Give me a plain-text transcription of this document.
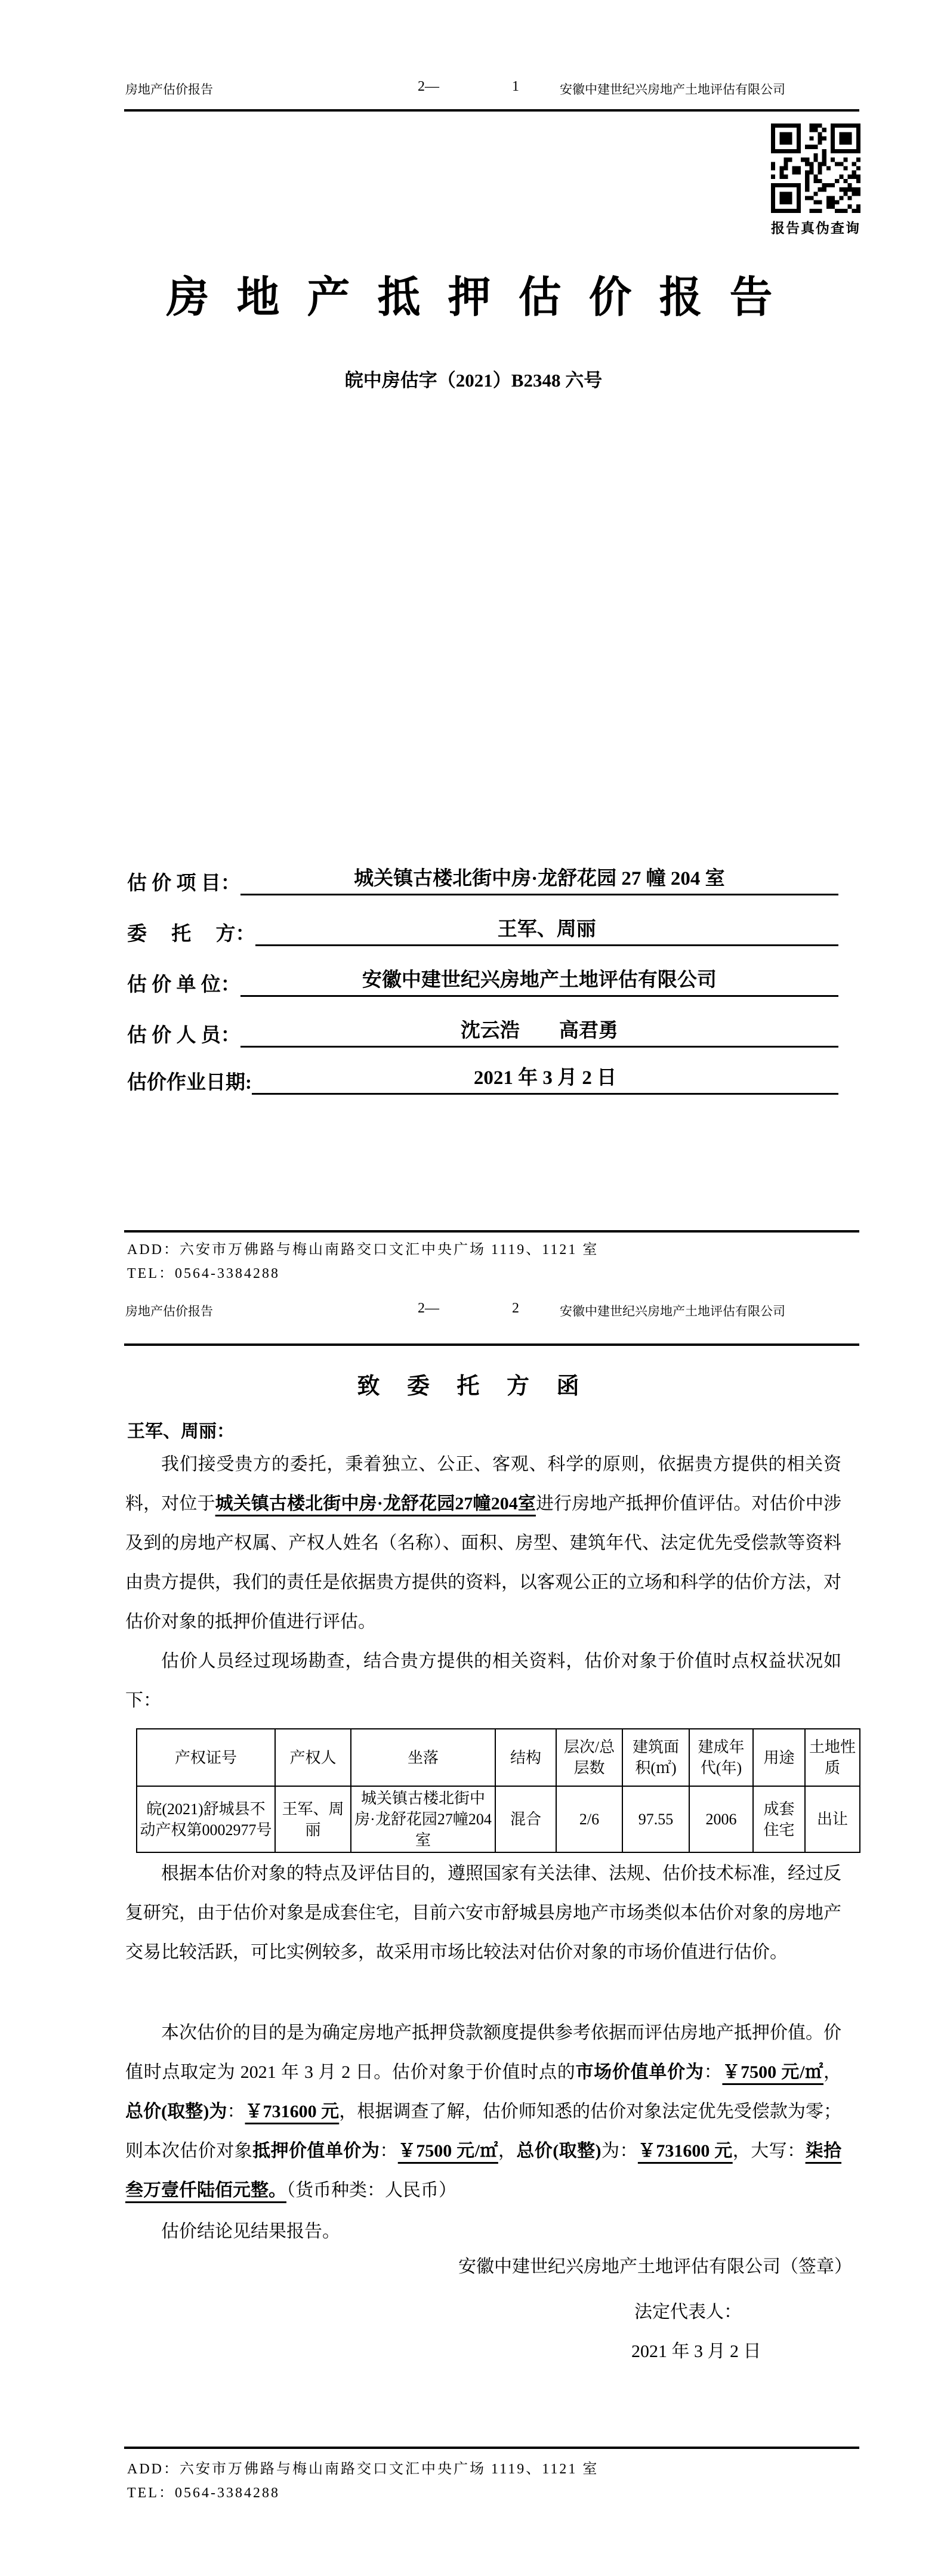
房地产估价报告	2—	1	安徽中建世纪兴房地产土地评估有限公司
报告真伪查询
房 地 产 抵 押 估 价 报 告
皖中房估字（2021）B2348 六号
估 价 项 目：	城关镇古楼北街中房·龙舒花园 27 幢 204 室
委　 托　 方：	王军、周丽
估 价 单 位：	安徽中建世纪兴房地产土地评估有限公司
估 价 人 员：	沈云浩　　高君勇
估价作业日期:	2021 年 3 月 2 日
ADD：六安市万佛路与梅山南路交口文汇中央广场 1119、1121 室
TEL：0564-3384288
房地产估价报告	2—	2	安徽中建世纪兴房地产土地评估有限公司
致 委 托 方 函
王军、周丽：

我们接受贵方的委托，秉着独立、公正、客观、科学的原则，依据贵方提供的相关资料，对位于城关镇古楼北街中房·龙舒花园27幢204室进行房地产抵押价值评估。对估价中涉及到的房地产权属、产权人姓名（名称）、面积、房型、建筑年代、法定优先受偿款等资料由贵方提供，我们的责任是依据贵方提供的资料，以客观公正的立场和科学的估价方法，对估价对象的抵押价值进行评估。

估价人员经过现场勘查，结合贵方提供的相关资料，估价对象于价值时点权益状况如下：

产权证号	产权人	坐落	结构	层次/总层数	建筑面积(㎡)	建成年代(年)	用途	土地性质
皖(2021)舒城县不动产权第0002977号	王军、周丽	城关镇古楼北街中房·龙舒花园27幢204室	混合	2/6	97.55	2006	成套住宅	出让

根据本估价对象的特点及评估目的，遵照国家有关法律、法规、估价技术标准，经过反复研究，由于估价对象是成套住宅，目前六安市舒城县房地产市场类似本估价对象的房地产交易比较活跃，可比实例较多，故采用市场比较法对估价对象的市场价值进行估价。

本次估价的目的是为确定房地产抵押贷款额度提供参考依据而评估房地产抵押价值。价值时点取定为 2021 年 3 月 2 日。估价对象于价值时点的市场价值单价为：￥7500 元/㎡，总价(取整)为：￥731600 元，根据调查了解，估价师知悉的估价对象法定优先受偿款为零；则本次估价对象抵押价值单价为：￥7500 元/㎡，总价(取整)为：￥731600 元，大写：柒拾叁万壹仟陆佰元整。（货币种类：人民币）

估价结论见结果报告。

安徽中建世纪兴房地产土地评估有限公司（签章）
法定代表人：
2021 年 3 月 2 日
ADD：六安市万佛路与梅山南路交口文汇中央广场 1119、1121 室
TEL：0564-3384288
